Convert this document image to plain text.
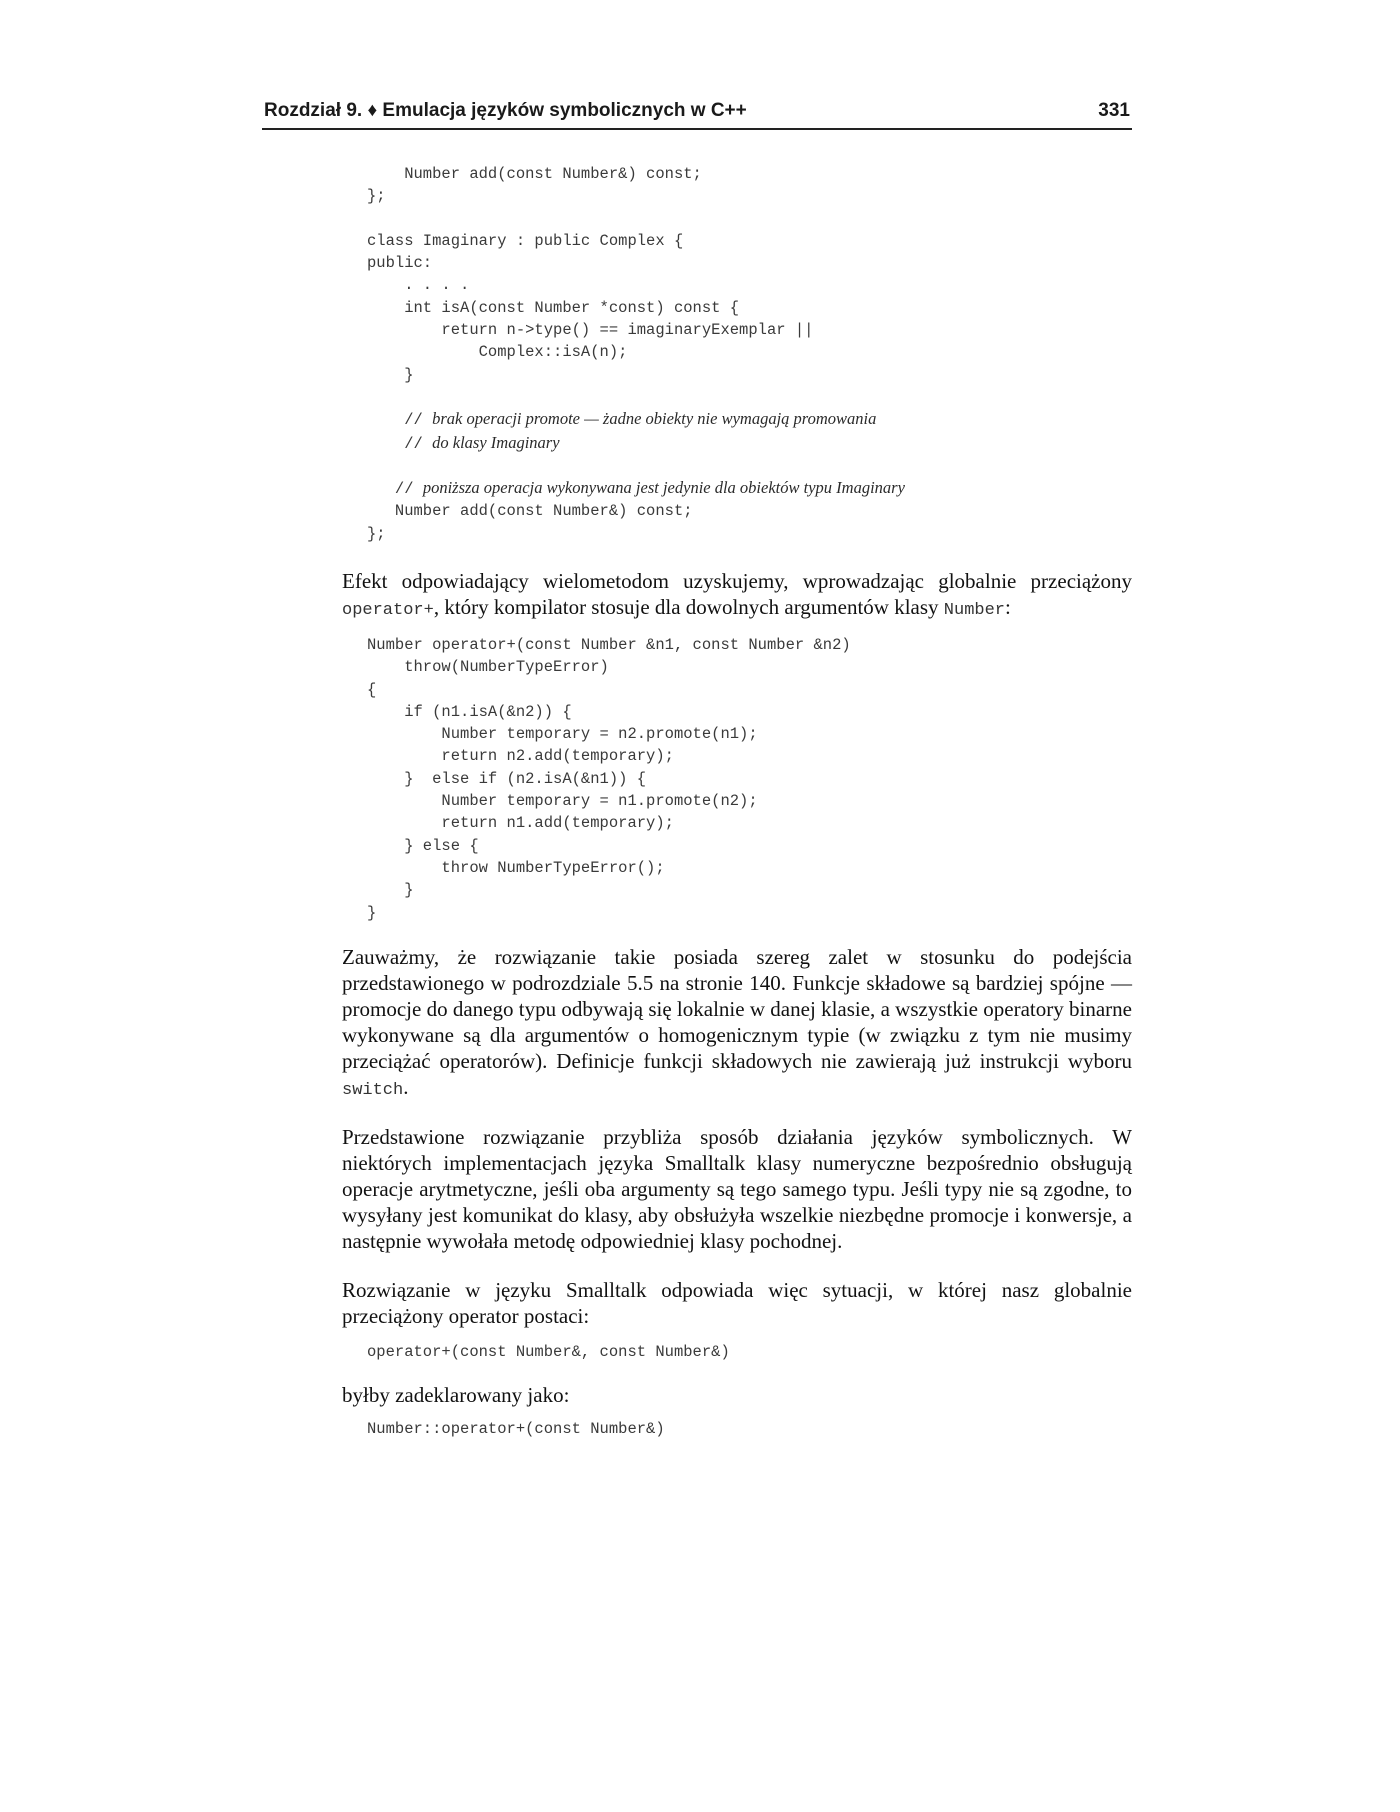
Rozdział 9. ♦ Emulacja języków symbolicznych w C++	331
Number add(const Number&) const;
};

class Imaginary : public Complex {
public:
. . . .
int isA(const Number *const) const {
return n->type() == imaginaryExemplar ||
Complex::isA(n);
}

// brak operacji promote — żadne obiekty nie wymagają promowania
// do klasy Imaginary

// poniższa operacja wykonywana jest jedynie dla obiektów typu Imaginary
Number add(const Number&) const;
};

Efekt odpowiadający wielometodom uzyskujemy, wprowadzając globalnie przeciążony operator+, który kompilator stosuje dla dowolnych argumentów klasy Number:

Number operator+(const Number &n1, const Number &n2)
throw(NumberTypeError)
{
if (n1.isA(&n2)) {
Number temporary = n2.promote(n1);
return n2.add(temporary);
}  else if (n2.isA(&n1)) {
Number temporary = n1.promote(n2);
return n1.add(temporary);
} else {
throw NumberTypeError();
}
}

Zauważmy, że rozwiązanie takie posiada szereg zalet w stosunku do podejścia przedstawionego w podrozdziale 5.5 na stronie 140. Funkcje składowe są bardziej spójne — promocje do danego typu odbywają się lokalnie w danej klasie, a wszystkie operatory binarne wykonywane są dla argumentów o homogenicznym typie (w związku z tym nie musimy przeciążać operatorów). Definicje funkcji składowych nie zawierają już instrukcji wyboru switch.

Przedstawione rozwiązanie przybliża sposób działania języków symbolicznych. W niektórych implementacjach języka Smalltalk klasy numeryczne bezpośrednio obsługują operacje arytmetyczne, jeśli oba argumenty są tego samego typu. Jeśli typy nie są zgodne, to wysyłany jest komunikat do klasy, aby obsłużyła wszelkie niezbędne promocje i konwersje, a następnie wywołała metodę odpowiedniej klasy pochodnej.

Rozwiązanie w języku Smalltalk odpowiada więc sytuacji, w której nasz globalnie przeciążony operator postaci:

operator+(const Number&, const Number&)

byłby zadeklarowany jako:

Number::operator+(const Number&)
